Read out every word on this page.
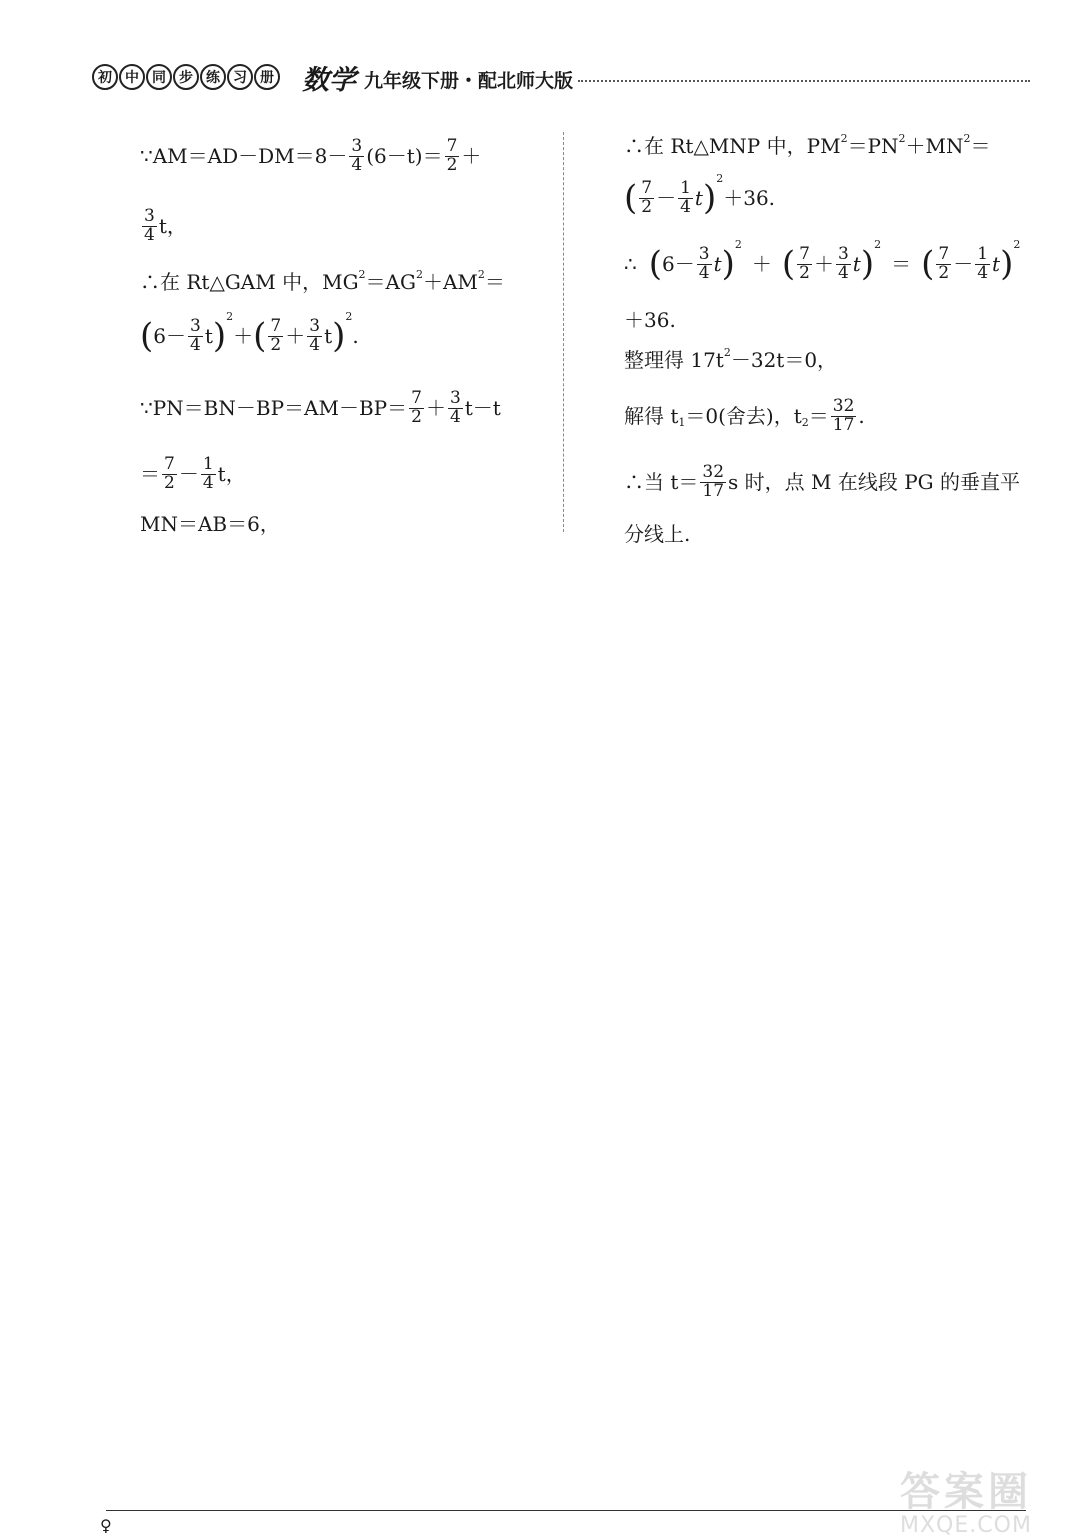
初 中 同 步 练 习 册 数学 九年级下册・配北师大版
∵AM＝AD－DM＝8－ $\frac{3}{4} (6-t)= \frac{7}{2}$ ＋
$\frac{3}{4}$ t，
∴在 Rt△GAM 中，MG 2 ＝AG 2 ＋AM 2 ＝
( $6- \frac{3}{4}$ t ) 2
＋ ( $\frac{7}{2} + \frac{3}{4}$ t ) 2
.
∵PN＝BN－BP＝AM－BP＝ $\frac{7}{2} + \frac{3}{4} t-t$
＝ $\frac{7}{2} - \frac{1}{4}$ t，
MN＝AB＝6，
∴在 Rt△MNP 中，PM 2 ＝PN 2 ＋MN 2 ＝
( $\frac{7}{2} - \frac{1}{4}$ t ) 2
＋36.
∴ ( $6- \frac{3}{4}$ t ) 2
＋ ( $\frac{7}{2} + \frac{3}{4}$ t ) 2
＝ ( $\frac{7}{2} - \frac{1}{4}$ t ) 2
＋36.
整理得 17t 2 －32t＝0，
解得 t 1 ＝0(舍去)，t $2 = \frac{32}{17}$ .
∴当 $t= \frac{32}{17}$ s 时，点 M 在线段 PG 的垂直平
分线上.
♀
答案圈
MXQE.COM
